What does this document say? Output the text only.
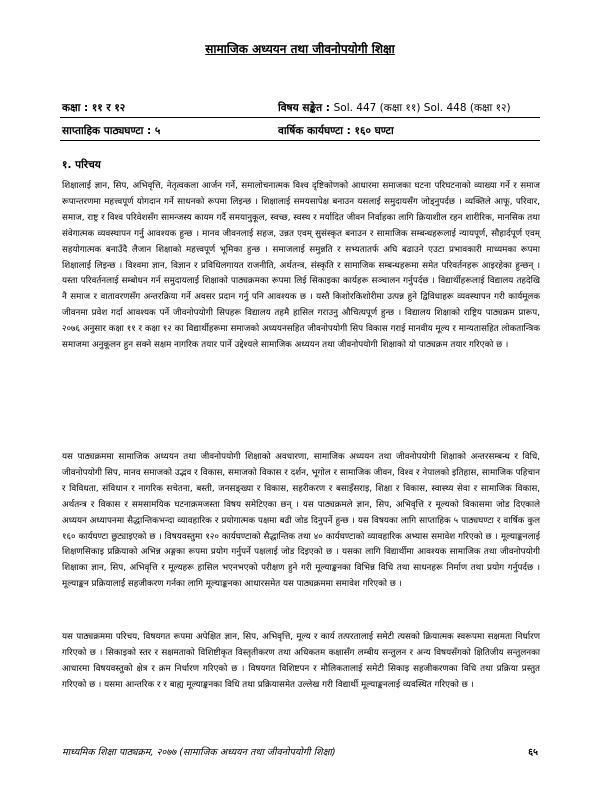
सामाजिक अध्ययन तथा जीवनोपयोगी शिक्षा
कक्षा : ११ र १२	विषय सङ्केत : Sol. 447 (कक्षा ११) Sol. 448 (कक्षा १२)
साप्ताहिक पाठ्यघण्टा : ५	वार्षिक कार्यघण्टा : १६० घण्टा
१. परिचय

शिक्षालाई ज्ञान, सिप, अभिवृत्ति, नेतृत्वकला आर्जन गर्ने, समालोचनात्मक विश्व दृष्टिकोणको आधारमा समाजका घटना परिघटनाको व्याख्या गर्ने र समाज रूपान्तरणमा महत्त्वपूर्ण योगदान गर्ने साधनको रूपमा लिइन्छ । शिक्षालाई समयसापेक्ष बनाउन यसलाई समुदायसँग जोड्नुपर्दछ । व्यक्तिले आफू, परिवार, समाज, राष्ट्र र विश्व परिवेशसँग सामन्जस्य कायम गर्दै समयानुकूल, स्वच्छ, स्वस्थ र मर्यादित जीवन निर्वाहका लागि क्रियाशील रहन शारीरिक, मानसिक तथा संवेगात्मक व्यवस्थापन गर्नु आवश्यक हुन्छ । मानव जीवनलाई सहज, उन्नत एवम् सुसंस्कृत बनाउन र सामाजिक सम्बन्धहरूलाई न्यायपूर्ण, सौहार्दपूर्ण एवम् सहयोगात्मक बनाउँदै लैजान शिक्षाको महत्त्वपूर्ण भूमिका हुन्छ । समाजलाई समुन्नति र सभ्यतातर्फ अघि बढाउने एउटा प्रभावकारी माध्यमका रूपमा शिक्षालाई लिइन्छ । विश्वमा ज्ञान, विज्ञान र प्रविधिलगायत राजनीति, अर्थतन्त्र, संस्कृति र सामाजिक सम्बन्धहरूमा समेत परिवर्तनहरू आइरहेका हुन्छन् । यस्ता परिवर्तनलाई सम्बोधन गर्न समुदायलाई शिक्षाको पाठ्यक्रमका रूपमा लिई सिकाइका कार्यहरू सञ्चालन गर्नुपर्दछ । विद्यार्थीहरूलाई विद्यालय तहदेखि नै समाज र वातावरणसँग अन्तरक्रिया गर्ने अवसर प्रदान गर्नु पनि आवश्यक छ । यस्तै किशोरकिशोरीमा उत्पन्न हुने द्विविधाहरू व्यवस्थापन गरी कार्यमूलक जीवनमा प्रवेश गर्दा आवश्यक पर्ने जीवनोपयोगी सिपहरू विद्यालय तहमै हासिल गराउनु औचित्यपूर्ण हुन्छ । विद्यालय शिक्षाको राष्ट्रिय पाठ्यक्रम प्रारूप, २०७६ अनुसार कक्षा ११ र कक्षा १२ का विद्यार्थीहरूमा समाजको अध्ययनसहित जीवनोपयोगी सिप विकास गराई मानवीय मूल्य र मान्यतासहित लोकतान्त्रिक समाजमा अनुकूलन हुन सक्ने सक्षम नागरिक तयार पार्ने उद्देश्यले सामाजिक अध्ययन तथा जीवनोपयोगी शिक्षाको यो पाठ्यक्रम तयार गरिएको छ ।

यस पाठ्यक्रममा सामाजिक अध्ययन तथा जीवनोपयोगी शिक्षाको अवधारणा, सामाजिक अध्ययन तथा जीवनोपयोगी शिक्षाको अन्तरसम्बन्ध र विधि, जीवनोपयोगी सिप, मानव समाजको उद्भव र विकास, समाजको विकास र दर्शन, भूगोल र सामाजिक जीवन, विश्व र नेपालको इतिहास, सामाजिक पहिचान र विविधता, संविधान र नागरिक सचेतना, बस्ती, जनसङ्ख्या र विकास, सहरीकरण र बसाइँसराइ, शिक्षा र विकास, स्वास्थ्य सेवा र सामाजिक विकास, अर्थतन्त्र र विकास र समसामयिक घटनाक्रमजस्ता विषय समेटिएका छन् । यस पाठ्यक्रमले ज्ञान, सिप, अभिवृत्ति र मूल्यको विकासमा जोड दिएकाले अध्ययन अध्यापनमा सैद्धान्तिकभन्दा व्यावहारिक र प्रयोगात्मक पक्षमा बढी जोड दिनुपर्ने हुन्छ । यस विषयका लागि साप्ताहिक ५ पाठ्यघण्टा र वार्षिक कुल १६० कार्यघण्टा छुट्याइएको छ । विषयवस्तुमा १२० कार्यघण्टाको सैद्धान्तिक तथा ४० कार्यघण्टाको व्यावहारिक अभ्यास समावेश गरिएको छ । मूल्याङ्कनलाई शिक्षणसिकाइ प्रक्रियाको अभिन्न अङ्गका रूपमा प्रयोग गर्नुपर्ने पक्षलाई जोड दिइएको छ । यसका लागि विद्यार्थीमा आवश्यक सामाजिक तथा जीवनोपयोगी शिक्षाका ज्ञान, सिप, अभिवृत्ति र मूल्यहरू हासिल भएनभएको परीक्षण हुने गरी मूल्याङ्कनका विभिन्न विधि तथा साधनहरू निर्माण तथा प्रयोग गर्नुपर्दछ । मूल्याङ्कन प्रक्रियालाई सहजीकरण गर्नका लागि मूल्याङ्कनका आधारसमेत यस पाठ्यक्रममा समावेश गरिएको छ ।

यस पाठ्यक्रममा परिचय, विषयगत रूपमा अपेक्षित ज्ञान, सिप, अभिवृत्ति, मूल्य र कार्य तत्परतालाई समेटी त्यसको क्रियात्मक स्वरूपमा सक्षमता निर्धारण गरिएको छ । सिकाइको स्तर र सक्षमताको विशिष्टीकृत विस्तृतीकरण तथा अधिकतम कक्षासँग लम्बीय सन्तुलन र अन्य विषयसँगको क्षितिजीय सन्तुलनका आधारमा विषयवस्तुको क्षेत्र र क्रम निर्धारण गरिएको छ । विषयगत विशिष्टपन र मौलिकतालाई समेटी सिकाइ सहजीकरणका विधि तथा प्रक्रिया प्रस्तुत गरिएको छ । यसमा आन्तरिक र र बाह्य मूल्याङ्कनका विधि तथा प्रक्रियासमेत उल्लेख गरी विद्यार्थी मूल्याङ्कनलाई व्यवस्थित गरिएको छ ।

माध्यमिक शिक्षा पाठ्यक्रम, २०७७ (सामाजिक अध्ययन तथा जीवनोपयोगी शिक्षा)	६५
